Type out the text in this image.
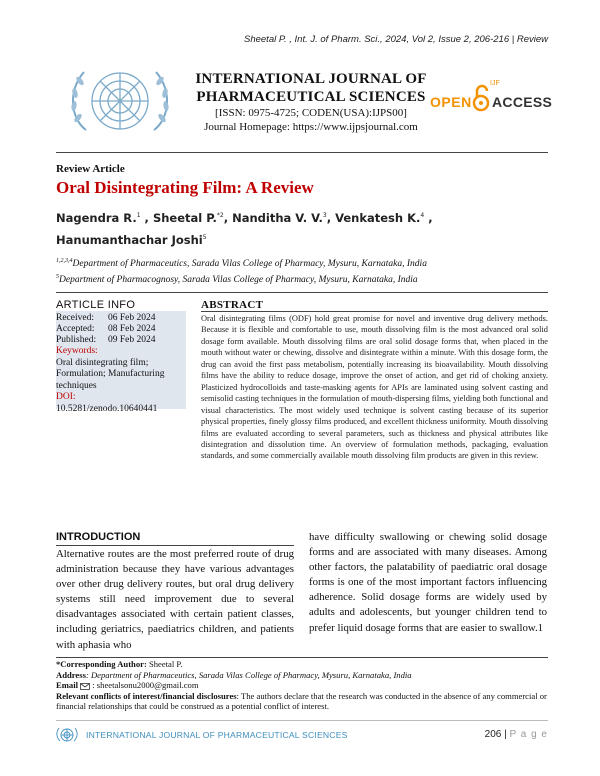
Sheetal P. , Int. J. of Pharm. Sci., 2024, Vol 2, Issue 2, 206-216 | Review
INTERNATIONAL JOURNAL OF
PHARMACEUTICAL SCIENCES
[ISSN: 0975-4725; CODEN(USA):IJPS00]
Journal Homepage: https://www.ijpsjournal.com
OPEN
IJF
ACCESS
Review Article
Oral Disintegrating Film: A Review
Nagendra R.$^1$ , Sheetal P.$^{*2}$, Nanditha V. V.$^3$, Venkatesh K.$^4$ , Hanumanthachar Joshi$^5$
$^{1,2,3,4}$Department of Pharmaceutics, Sarada Vilas College of Pharmacy, Mysuru, Karnataka, India
$^5$Department of Pharmacognosy, Sarada Vilas College of Pharmacy, Mysuru, Karnataka, India
ARTICLE INFO
Received: 06 Feb 2024
Accepted: 08 Feb 2024
Published: 09 Feb 2024
Keywords:
Oral disintegrating film; Formulation; Manufacturing techniques
DOI:
10.5281/zenodo.10640441
ABSTRACT
Oral disintegrating films (ODF) hold great promise for novel and inventive drug delivery methods. Because it is flexible and comfortable to use, mouth dissolving film is the most advanced oral solid dosage form available. Mouth dissolving films are oral solid dosage forms that, when placed in the mouth without water or chewing, dissolve and disintegrate within a minute. With this dosage form, the drug can avoid the first pass metabolism, potentially increasing its bioavailability. Mouth dissolving films have the ability to reduce dosage, improve the onset of action, and get rid of choking anxiety. Plasticized hydrocolloids and taste-masking agents for APIs are laminated using solvent casting and semisolid casting techniques in the formulation of mouth-dispersing films, yielding both functional and visual characteristics. The most widely used technique is solvent casting because of its superior physical properties, finely glossy films produced, and excellent thickness uniformity. Mouth dissolving films are evaluated according to several parameters, such as thickness and physical attributes like disintegration and dissolution time. An overview of formulation methods, packaging, evaluation standards, and some commercially available mouth dissolving film products are given in this review.
INTRODUCTION
Alternative routes are the most preferred route of drug administration because they have various advantages over other drug delivery routes, but oral drug delivery systems still need improvement due to several disadvantages associated with certain patient classes, including geriatrics, paediatrics children, and patients with aphasia who
have difficulty swallowing or chewing solid dosage forms and are associated with many diseases. Among other factors, the palatability of paediatric oral dosage forms is one of the most important factors influencing adherence. Solid dosage forms are widely used by adults and adolescents, but younger children tend to prefer liquid dosage forms that are easier to swallow.1
*Corresponding Author: Sheetal P.
Address: Department of Pharmaceutics, Sarada Vilas College of Pharmacy, Mysuru, Karnataka, India
Email  : sheetalsonu2000@gmail.com
Relevant conflicts of interest/financial disclosures: The authors declare that the research was conducted in the absence of any commercial or financial relationships that could be construed as a potential conflict of interest.
INTERNATIONAL JOURNAL OF PHARMACEUTICAL SCIENCES	206 | P a g e
